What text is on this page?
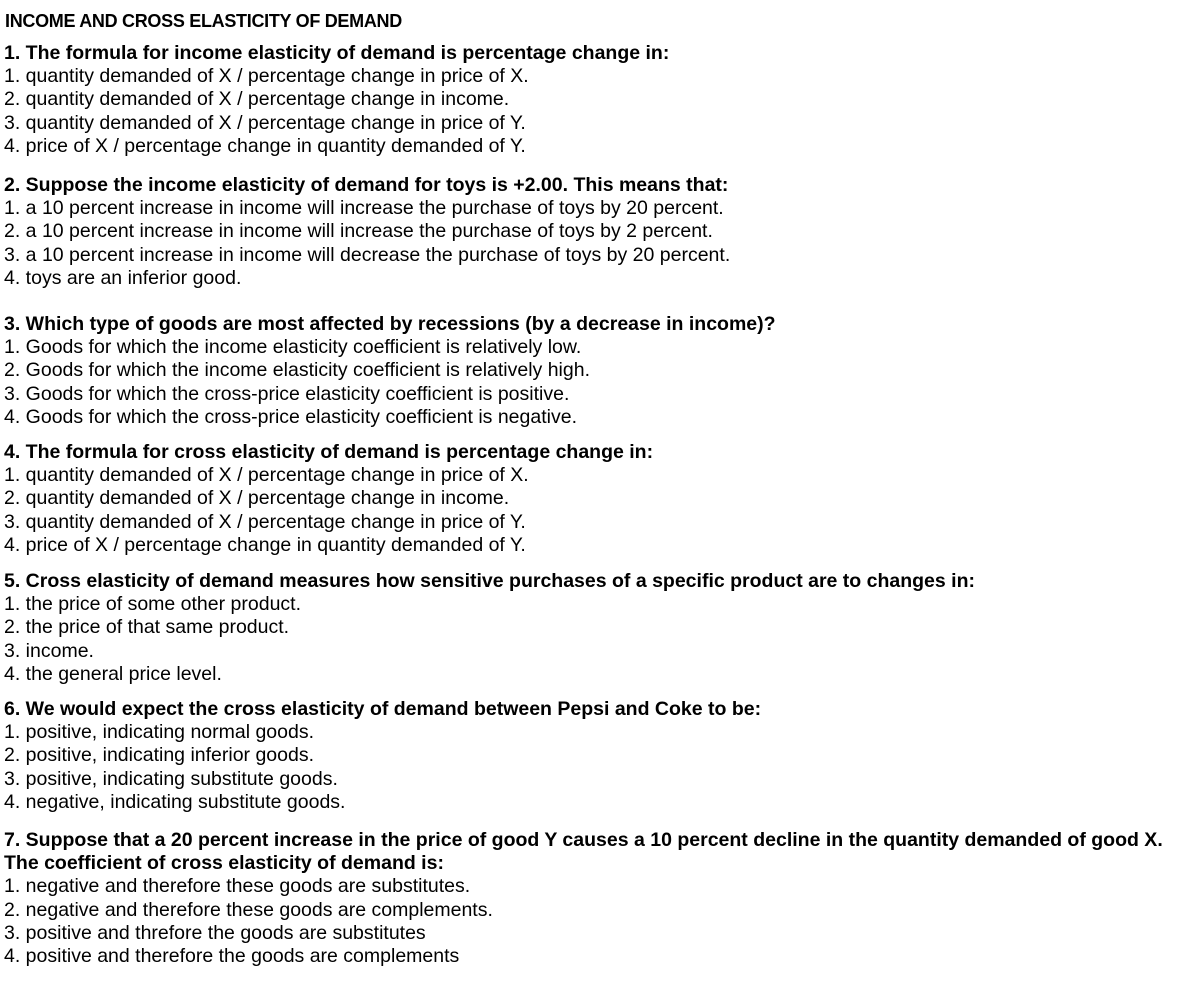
INCOME AND CROSS ELASTICITY OF DEMAND
1. The formula for income elasticity of demand is percentage change in:
1. quantity demanded of X / percentage change in price of X.
2. quantity demanded of X / percentage change in income.
3. quantity demanded of X / percentage change in price of Y.
4. price of X / percentage change in quantity demanded of Y.
2. Suppose the income elasticity of demand for toys is +2.00. This means that:
1. a 10 percent increase in income will increase the purchase of toys by 20 percent.
2. a 10 percent increase in income will increase the purchase of toys by 2 percent.
3. a 10 percent increase in income will decrease the purchase of toys by 20 percent.
4. toys are an inferior good.
3. Which type of goods are most affected by recessions (by a decrease in income)?
1. Goods for which the income elasticity coefficient is relatively low.
2. Goods for which the income elasticity coefficient is relatively high.
3. Goods for which the cross-price elasticity coefficient is positive.
4. Goods for which the cross-price elasticity coefficient is negative.
4. The formula for cross elasticity of demand is percentage change in:
1. quantity demanded of X / percentage change in price of X.
2. quantity demanded of X / percentage change in income.
3. quantity demanded of X / percentage change in price of Y.
4. price of X / percentage change in quantity demanded of Y.
5. Cross elasticity of demand measures how sensitive purchases of a specific product are to changes in:
1. the price of some other product.
2. the price of that same product.
3. income.
4. the general price level.
6. We would expect the cross elasticity of demand between Pepsi and Coke to be:
1. positive, indicating normal goods.
2. positive, indicating inferior goods.
3. positive, indicating substitute goods.
4. negative, indicating substitute goods.
7. Suppose that a 20 percent increase in the price of good Y causes a 10 percent decline in the quantity demanded of good X.
The coefficient of cross elasticity of demand is:
1. negative and therefore these goods are substitutes.
2. negative and therefore these goods are complements.
3. positive and threfore the goods are substitutes
4. positive and therefore the goods are complements
